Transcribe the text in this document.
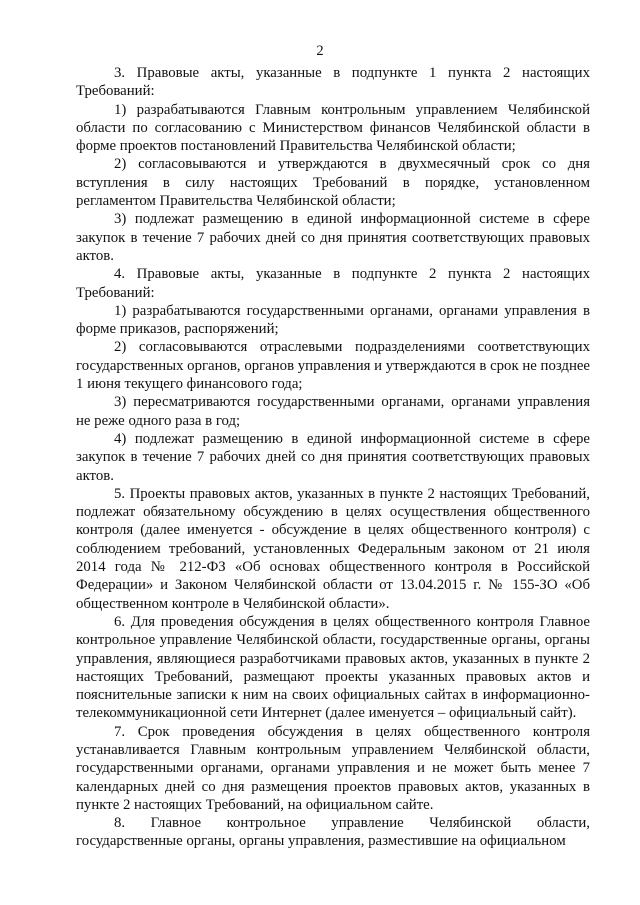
2

3. Правовые акты, указанные в подпункте 1 пункта 2 настоящих Требований:

1) разрабатываются Главным контрольным управлением Челябинской области по согласованию с Министерством финансов Челябинской области в форме проектов постановлений Правительства Челябинской области;

2) согласовываются и утверждаются в двухмесячный срок со дня вступления в силу настоящих Требований в порядке, установленном регламентом Правительства Челябинской области;

3) подлежат размещению в единой информационной системе в сфере закупок в течение 7 рабочих дней со дня принятия соответствующих правовых актов.

4. Правовые акты, указанные в подпункте 2 пункта 2 настоящих Требований:

1) разрабатываются государственными органами, органами управления в форме приказов, распоряжений;

2) согласовываются отраслевыми подразделениями соответствующих государственных органов, органов управления и утверждаются в срок не позднее 1 июня текущего финансового года;

3) пересматриваются государственными органами, органами управления не реже одного раза в год;

4) подлежат размещению в единой информационной системе в сфере закупок в течение 7 рабочих дней со дня принятия соответствующих правовых актов.

5. Проекты правовых актов, указанных в пункте 2 настоящих Требований, подлежат обязательному обсуждению в целях осуществления общественного контроля (далее именуется - обсуждение в целях общественного контроля) с соблюдением требований, установленных Федеральным законом от 21 июля 2014 года № 212-ФЗ «Об основах общественного контроля в Российской Федерации» и Законом Челябинской области от 13.04.2015 г. № 155-ЗО «Об общественном контроле в Челябинской области».

6. Для проведения обсуждения в целях общественного контроля Главное контрольное управление Челябинской области, государственные органы, органы управления, являющиеся разработчиками правовых актов, указанных в пункте 2 настоящих Требований, размещают проекты указанных правовых актов и пояснительные записки к ним на своих официальных сайтах в информационно-телекоммуникационной сети Интернет (далее именуется – официальный сайт).

7. Срок проведения обсуждения в целях общественного контроля устанавливается Главным контрольным управлением Челябинской области, государственными органами, органами управления и не может быть менее 7 календарных дней со дня размещения проектов правовых актов, указанных в пункте 2 настоящих Требований, на официальном сайте.

8. Главное контрольное управление Челябинской области, государственные органы, органы управления, разместившие на официальном
